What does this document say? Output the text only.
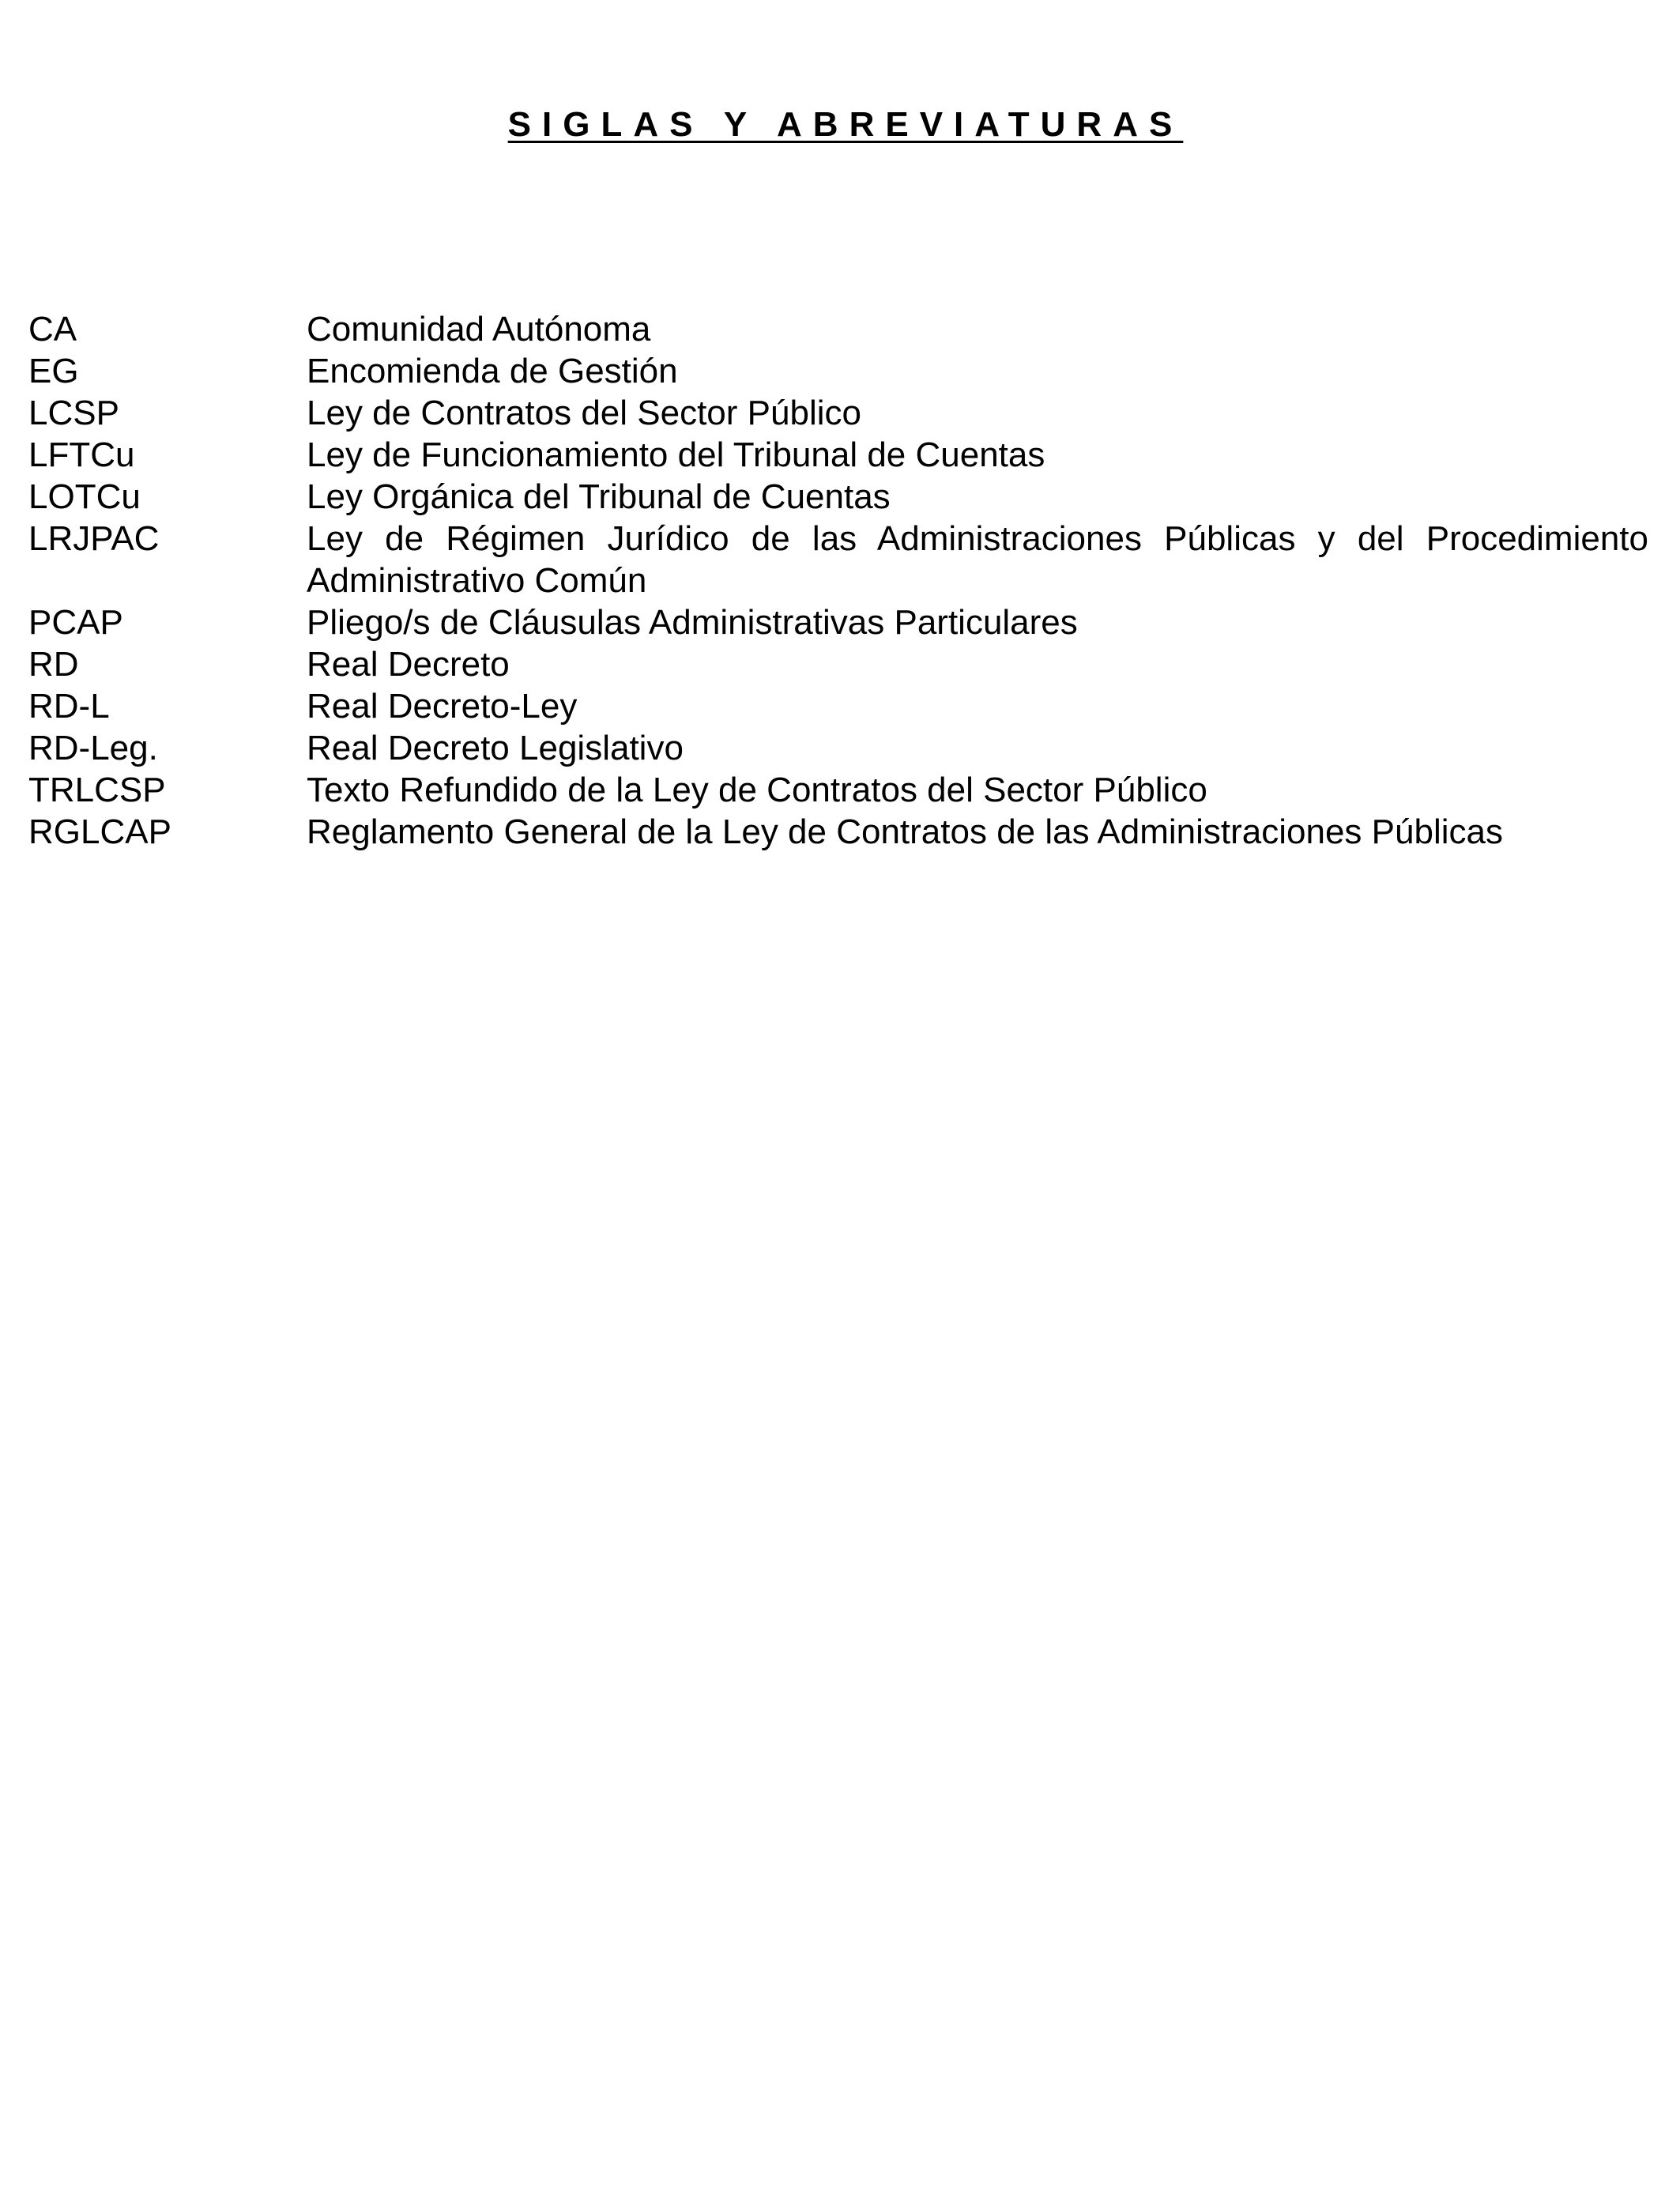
SIGLAS Y ABREVIATURAS
CA	Comunidad Autónoma
EG	Encomienda de Gestión
LCSP	Ley de Contratos del Sector Público
LFTCu	Ley de Funcionamiento del Tribunal de Cuentas
LOTCu	Ley Orgánica del Tribunal de Cuentas
LRJPAC	Ley de Régimen Jurídico de las Administraciones Públicas y del Procedimiento Administrativo Común
PCAP	Pliego/s de Cláusulas Administrativas Particulares
RD	Real Decreto
RD-L	Real Decreto-Ley
RD-Leg.	Real Decreto Legislativo
TRLCSP	Texto Refundido de la Ley de Contratos del Sector Público
RGLCAP	Reglamento General de la Ley de Contratos de las Administraciones Públicas
